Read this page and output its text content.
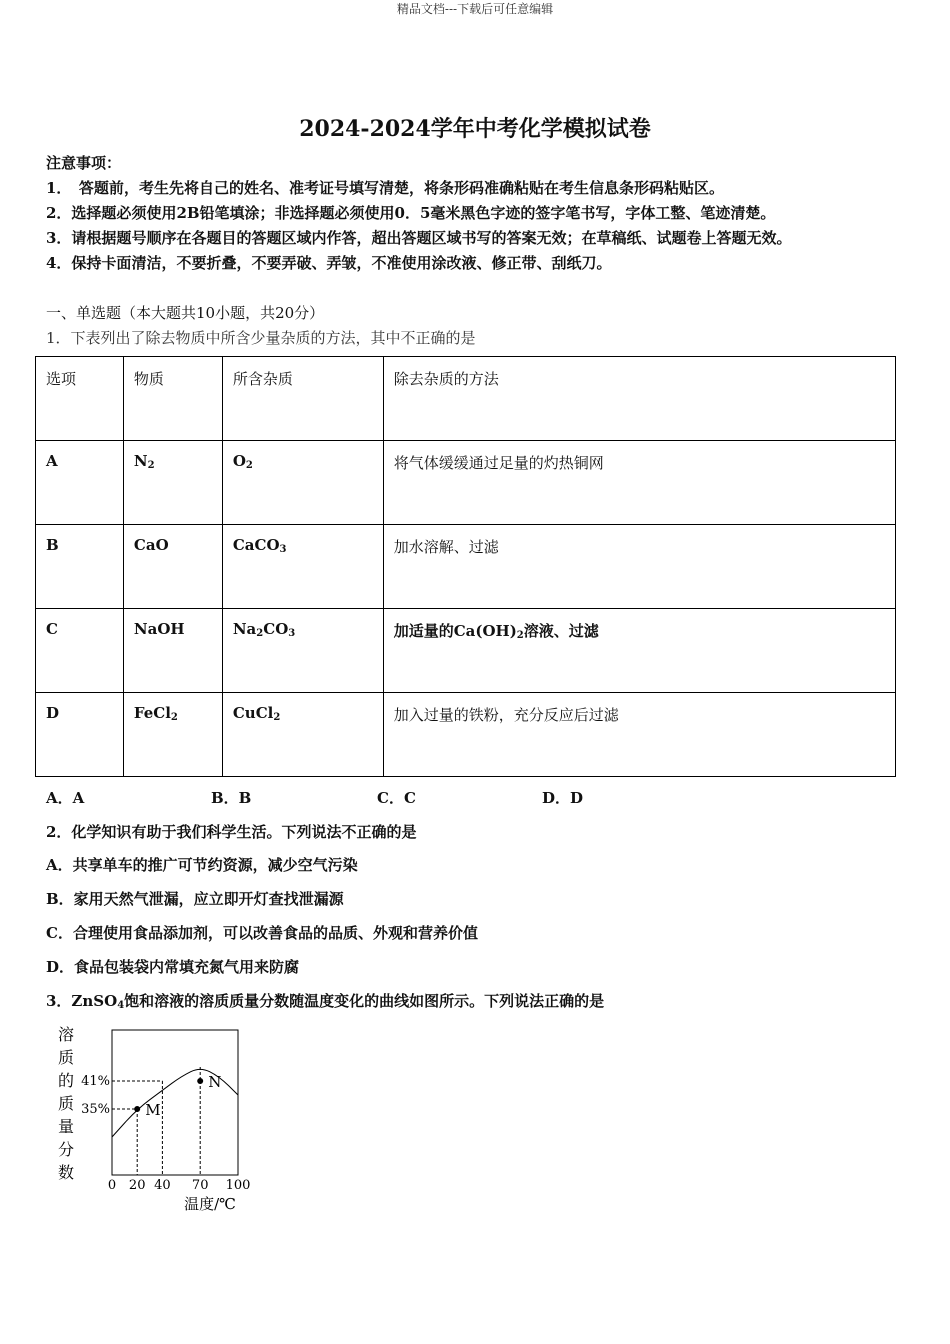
精品文档---下载后可任意编辑
2024-2024学年中考化学模拟试卷
注意事项：
1．　答题前，考生先将自己的姓名、准考证号填写清楚，将条形码准确粘贴在考生信息条形码粘贴区。
2．选择题必须使用2B铅笔填涂；非选择题必须使用0．5毫米黑色字迹的签字笔书写，字体工整、笔迹清楚。
3．请根据题号顺序在各题目的答题区域内作答，超出答题区域书写的答案无效；在草稿纸、试题卷上答题无效。
4．保持卡面清洁，不要折叠，不要弄破、弄皱，不准使用涂改液、修正带、刮纸刀。
一、单选题（本大题共10小题，共20分）
1．下表列出了除去物质中所含少量杂质的方法，其中不正确的是
选项	物质	所含杂质	除去杂质的方法
A	$N_2$	$O_2$	将气体缓缓通过足量的灼热铜网
B	CaO	CaCO$_3$	加水溶解、过滤
C	NaOH	$Na_2CO_3$	加适量的$Ca(OH)_2$溶液、过滤
D	FeCl$_2$	CuCl$_2$	加入过量的铁粉，充分反应后过滤
A．A	B．B	C．C	D．D
2．化学知识有助于我们科学生活。下列说法不正确的是
A．共享单车的推广可节约资源，减少空气污染
B．家用天然气泄漏，应立即开灯查找泄漏源
C．合理使用食品添加剂，可以改善食品的品质、外观和营养价值
D．食品包装袋内常填充氮气用来防腐
3．ZnSO$_4$饱和溶液的溶质质量分数随温度变化的曲线如图所示。下列说法正确的是
溶
质
的
质
量
分
数
0 20 40 70 100
35%
41%
M
N
温度/℃
